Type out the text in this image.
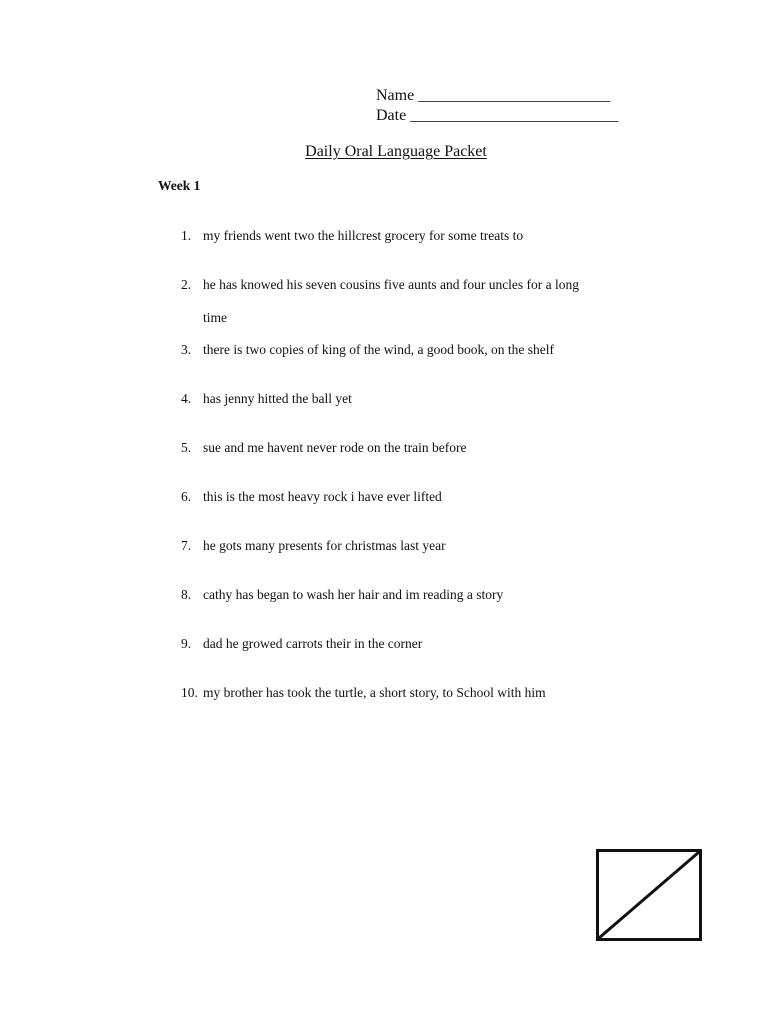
Name ________________________
Date __________________________
Daily Oral Language Packet
Week 1
1. my friends went two the hillcrest grocery for some treats to
2. he has knowed his seven cousins five aunts and four uncles for a long
time
3. there is two copies of king of the wind, a good book, on the shelf
4. has jenny hitted the ball yet
5. sue and me havent never rode on the train before
6. this is the most heavy rock i have ever lifted
7. he gots many presents for christmas last year
8. cathy has began to wash her hair and im reading a story
9. dad he growed carrots their in the corner
10. my brother has took the turtle, a short story, to School with him
